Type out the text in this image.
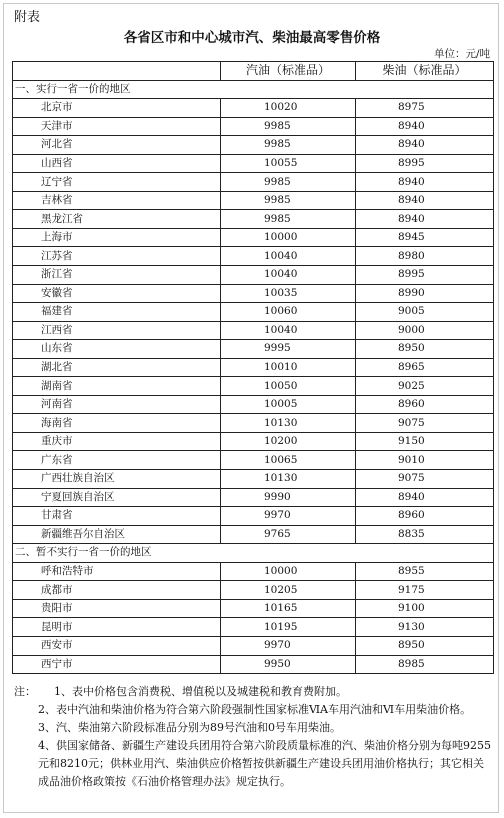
附表
各省区市和中心城市汽、柴油最高零售价格
单位：元/吨
	汽油（标准品）	柴油（标准品）
一、实行一省一价的地区		
北京市	10020	8975
天津市	9985	8940
河北省	9985	8940
山西省	10055	8995
辽宁省	9985	8940
吉林省	9985	8940
黑龙江省	9985	8940
上海市	10000	8945
江苏省	10040	8980
浙江省	10040	8995
安徽省	10035	8990
福建省	10060	9005
江西省	10040	9000
山东省	9995	8950
湖北省	10010	8965
湖南省	10050	9025
河南省	10005	8960
海南省	10130	9075
重庆市	10200	9150
广东省	10065	9010
广西壮族自治区	10130	9075
宁夏回族自治区	9990	8940
甘肃省	9970	8960
新疆维吾尔自治区	9765	8835
二、暂不实行一省一价的地区		
呼和浩特市	10000	8955
成都市	10205	9175
贵阳市	10165	9100
昆明市	10195	9130
西安市	9970	8950
西宁市	9950	8985

注： 1、表中价格包含消费税、增值税以及城建税和教育费附加。

2、表中汽油和柴油价格为符合第六阶段强制性国家标准ⅥA车用汽油和Ⅵ车用柴油价格。

3、汽、柴油第六阶段标准品分别为89号汽油和0号车用柴油。

4、供国家储备、新疆生产建设兵团用符合第六阶段质量标准的汽、柴油价格分别为每吨9255元和8210元；供林业用汽、柴油供应价格暂按供新疆生产建设兵团用油价格执行；其它相关成品油价格政策按《石油价格管理办法》规定执行。
